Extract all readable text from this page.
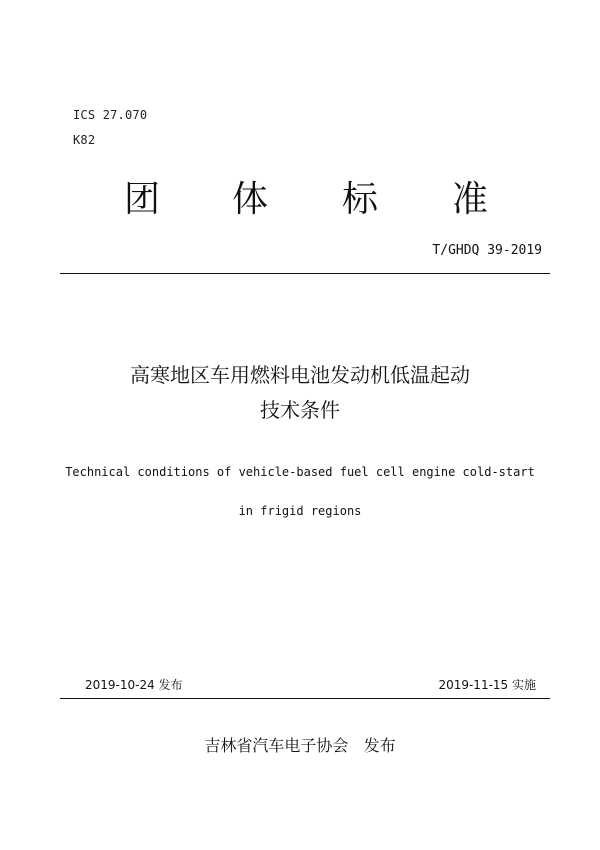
ICS 27.070
K82
团 体 标 准
T/GHDQ 39-2019
高寒地区车用燃料电池发动机低温起动
技术条件
Technical conditions of vehicle-based fuel cell engine cold-start
in frigid regions
2019-10-24 发布	2019-11-15 实施
吉林省汽车电子协会   发布
